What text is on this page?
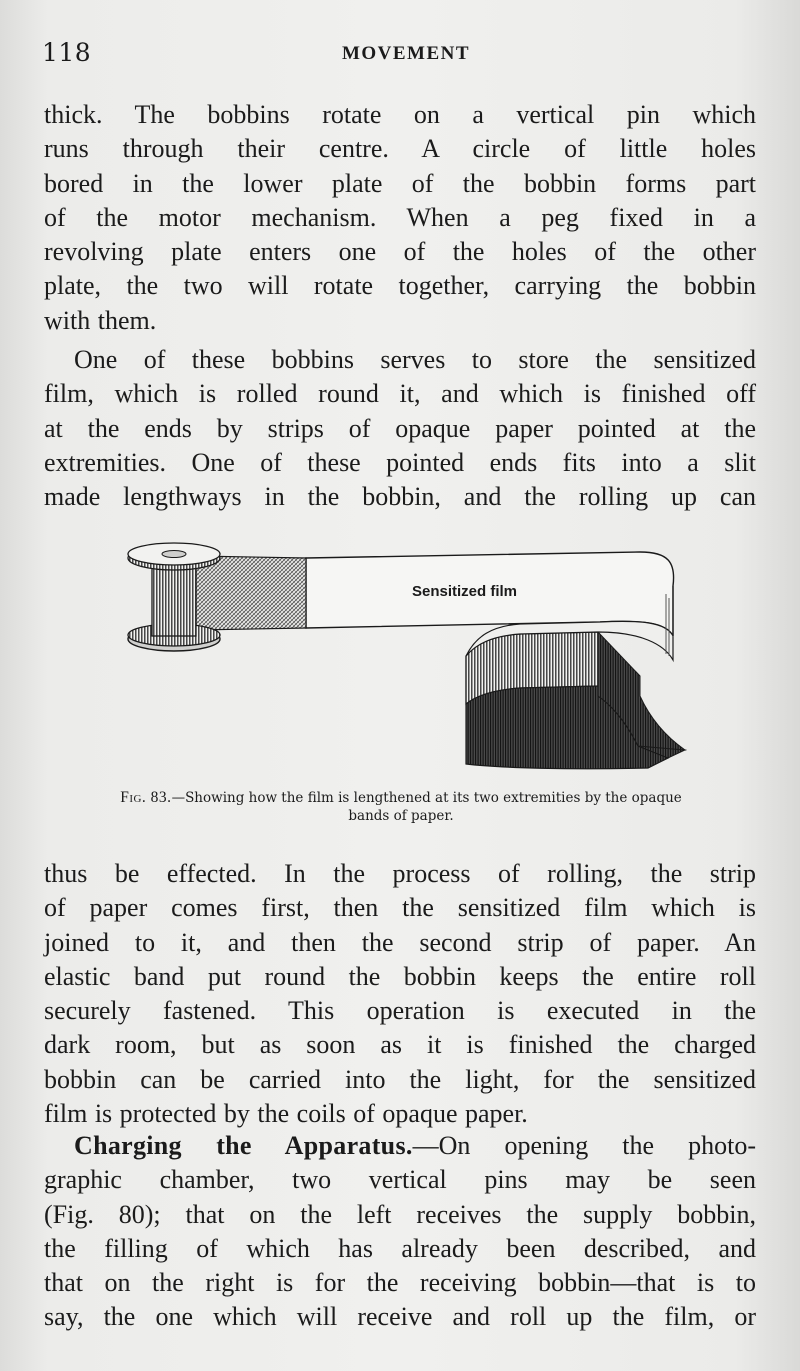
118	MOVEMENT

thick. The bobbins rotate on a vertical pin which
runs through their centre. A circle of little holes
bored in the lower plate of the bobbin forms part
of the motor mechanism. When a peg fixed in a
revolving plate enters one of the holes of the other
plate, the two will rotate together, carrying the bobbin
with them.

One of these bobbins serves to store the sensitized
film, which is rolled round it, and which is finished off
at the ends by strips of opaque paper pointed at the
extremities. One of these pointed ends fits into a slit
made lengthways in the bobbin, and the rolling up can

Sensitized film
Fig. 83.—Showing how the film is lengthened at its two extremities by the opaque
bands of paper.

thus be effected. In the process of rolling, the strip
of paper comes first, then the sensitized film which is
joined to it, and then the second strip of paper. An
elastic band put round the bobbin keeps the entire roll
securely fastened. This operation is executed in the
dark room, but as soon as it is finished the charged
bobbin can be carried into the light, for the sensitized
film is protected by the coils of opaque paper.

Charging the Apparatus.—On opening the photo-
graphic chamber, two vertical pins may be seen
(Fig. 80); that on the left receives the supply bobbin,
the filling of which has already been described, and
that on the right is for the receiving bobbin—that is to
say, the one which will receive and roll up the film, or
